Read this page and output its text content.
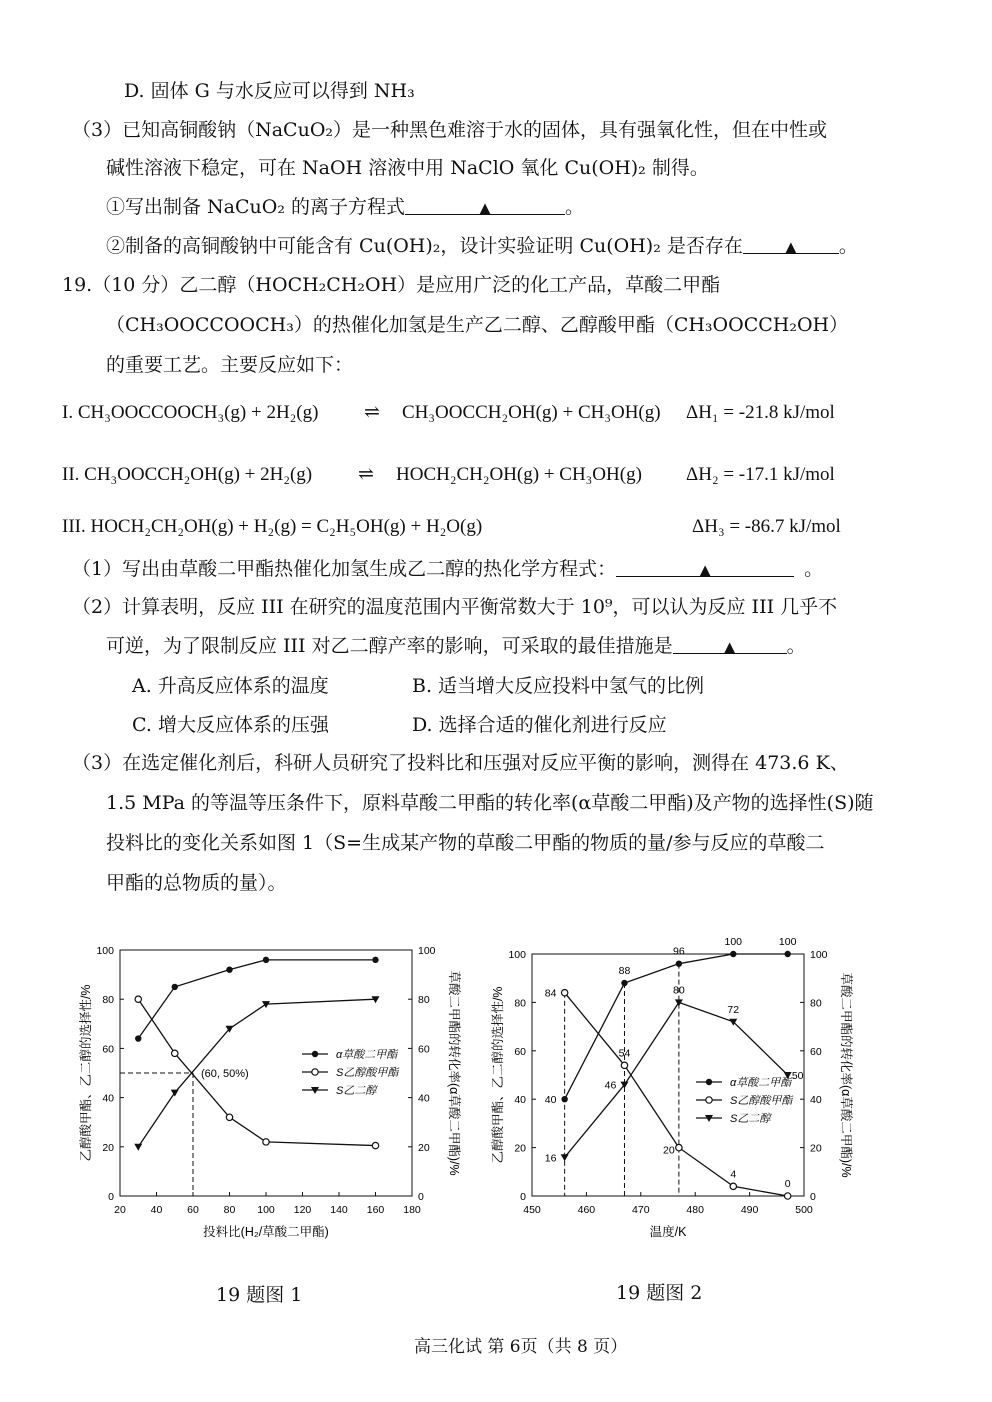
D. 固体 G 与水反应可以得到 NH₃
（3）已知高铜酸钠（NaCuO₂）是一种黑色难溶于水的固体，具有强氧化性，但在中性或
碱性溶液下稳定，可在 NaOH 溶液中用 NaClO 氧化 Cu(OH)₂ 制得。
①写出制备 NaCuO₂ 的离子方程式	▲	。
②制备的高铜酸钠中可能含有 Cu(OH)₂，设计实验证明 Cu(OH)₂ 是否存在	▲ 。
19.（10 分）乙二醇（HOCH₂CH₂OH）是应用广泛的化工产品，草酸二甲酯
（CH₃OOCCOOCH₃）的热催化加氢是生产乙二醇、乙醇酸甲酯（CH₃OOCCH₂OH）
的重要工艺。主要反应如下：
I. CH₃OOCCOOCH₃(g) + 2H₂(g) ⇌ CH₃OOCCH₂OH(g) + CH₃OH(g) ΔH₁ = -21.8 kJ/mol
II. CH₃OOCCH₂OH(g) + 2H₂(g) ⇌ HOCH₂CH₂OH(g) + CH₃OH(g) ΔH₂ = -17.1 kJ/mol
III. HOCH₂CH₂OH(g) + H₂(g) = C₂H₅OH(g) + H₂O(g)	ΔH₃ = -86.7 kJ/mol
（1）写出由草酸二甲酯热催化加氢生成乙二醇的热化学方程式：	▲	。
（2）计算表明，反应 III 在研究的温度范围内平衡常数大于 10⁹，可以认为反应 III 几乎不
可逆，为了限制反应 III 对乙二醇产率的影响，可采取的最佳措施是	▲	。
A. 升高反应体系的温度	B. 适当增大反应投料中氢气的比例
C. 增大反应体系的压强	D. 选择合适的催化剂进行反应
（3）在选定催化剂后，科研人员研究了投料比和压强对反应平衡的影响，测得在 473.6 K、
1.5 MPa 的等温等压条件下，原料草酸二甲酯的转化率(α草酸二甲酯)及产物的选择性(S)随
投料比的变化关系如图 1（S=生成某产物的草酸二甲酯的物质的量/参与反应的草酸二
甲酯的总物质的量）。
20 40 60 80 100 120 140 160 180
0	0
20	20
40	40
60	60
80	80
100	100
投料比(H₂/草酸二甲酯)
乙醇酸甲酯、乙二醇的选择性/%	草酸二甲酯的转化率(α草酸二甲酯)/%
(60, 50%)
α草酸二甲酯
S乙醇酸甲酯
S乙二醇
450	460	470	480	490	500
0	0
20	20
40	40
60	60
80	80
100	100
温度/K
乙醇酸甲酯、乙二醇的选择性/%	草酸二甲酯的转化率(α草酸二甲酯)/%
α草酸二甲酯
S乙醇酸甲酯
S乙二醇
40
88
96
100	100
84
54
20
4
0
16
46
80
72
50
19 题图 1	19 题图 2
高三化试 第 6页（共 8 页）
